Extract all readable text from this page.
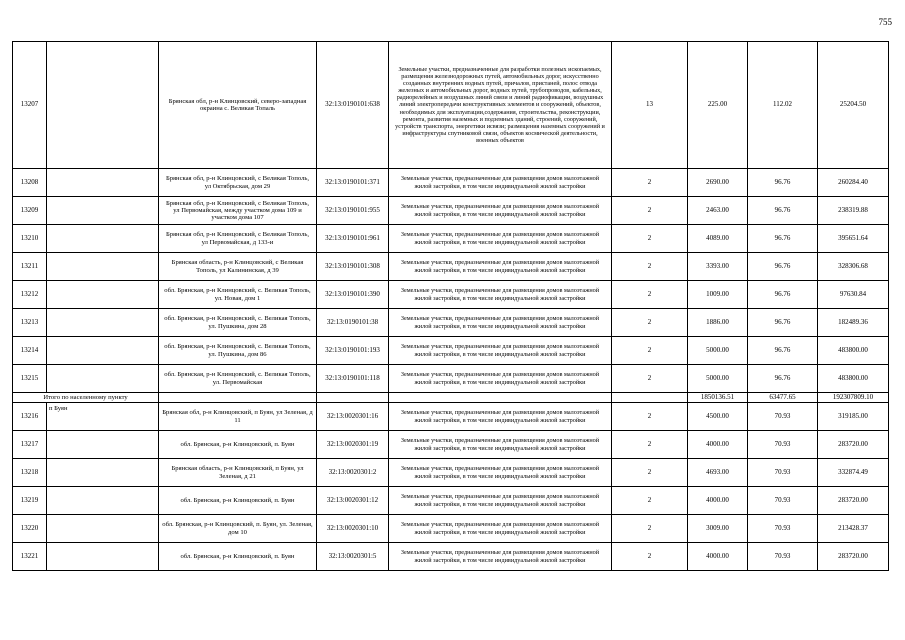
755
13207		Брянская обл, р-н Клинцовский, северо-западная окраина с. Великая Топаль	32:13:0190101:638	Земельные участки, предназначенные для разработки полезных ископаемых, размещения железнодорожных путей, автомобильных дорог, искусственно созданных внутренних водных путей, причалов, пристаней, полос отвода железных и автомобильных дорог, водных путей, трубопроводов, кабельных, радиорелейных и воздушных линий связи и линий радиофикации, воздушных линий электропередачи конструктивных элементов и сооружений, объектов, необходимых для эксплуатации,содержания, строительства, реконструкции, ремонта, развития наземных и подземных зданий, строений, сооружений, устройств транспорта, энергетики исвязи; размещения наземных сооружений и инфраструктуры спутниковой связи, объектов космической деятельности, военных объектов	13	225.00	112.02	25204.50
13208		Брянская обл, р-н Клинцовский, с Великая Тополь, ул Октябрьская, дом 29	32:13:0190101:371	Земельные участки, предназначенные для размещения домов малоэтажной жилой застройки, в том числе индивидуальной жилой застройки	2	2690.00	96.76	260284.40
13209		Брянская обл, р-н Клинцовский, с Великая Тополь, ул Первомайская, между участком дома 109 и участком дома 107	32:13:0190101:955	Земельные участки, предназначенные для размещения домов малоэтажной жилой застройки, в том числе индивидуальной жилой застройки	2	2463.00	96.76	238319.88
13210		Брянская обл, р-н Клинцовский, с Великая Тополь, ул Первомайская, д 133-и	32:13:0190101:961	Земельные участки, предназначенные для размещения домов малоэтажной жилой застройки, в том числе индивидуальной жилой застройки	2	4089.00	96.76	395651.64
13211		Брянская область, р-н Клинцовский, с Великая Тополь, ул Калининская, д 39	32:13:0190101:308	Земельные участки, предназначенные для размещения домов малоэтажной жилой застройки, в том числе индивидуальной жилой застройки	2	3393.00	96.76	328306.68
13212		обл. Брянская, р-н Клинцовский, с. Великая Тополь, ул. Новая, дом 1	32:13:0190101:390	Земельные участки, предназначенные для размещения домов малоэтажной жилой застройки, в том числе индивидуальной жилой застройки	2	1009.00	96.76	97630.84
13213		обл. Брянская, р-н Клинцовский, с. Великая Тополь, ул. Пушкина, дом 28	32:13:0190101:38	Земельные участки, предназначенные для размещения домов малоэтажной жилой застройки, в том числе индивидуальной жилой застройки	2	1886.00	96.76	182489.36
13214		обл. Брянская, р-н Клинцовский, с. Великая Тополь, ул. Пушкина, дом 86	32:13:0190101:193	Земельные участки, предназначенные для размещения домов малоэтажной жилой застройки, в том числе индивидуальной жилой застройки	2	5000.00	96.76	483800.00
13215		обл. Брянская, р-н Клинцовский, с. Великая Тополь, ул. Первомайская	32:13:0190101:118	Земельные участки, предназначенные для размещения домов малоэтажной жилой застройки, в том числе индивидуальной жилой застройки	2	5000.00	96.76	483800.00
Итого по населенному пункту						1850136.51	63477.65	192307809.10
13216	п Буян	Брянская обл, р-н Клинцовский, п Буян, ул Зеленая, д 11	32:13:0020301:16	Земельные участки, предназначенные для размещения домов малоэтажной жилой застройки, в том числе индивидуальной жилой застройки	2	4500.00	70.93	319185.00
13217		обл. Брянская, р-н Клинцовский, п. Буян	32:13:0020301:19	Земельные участки, предназначенные для размещения домов малоэтажной жилой застройки, в том числе индивидуальной жилой застройки	2	4000.00	70.93	283720.00
13218		Брянская область, р-н Клинцовский, п Буян, ул Зеленая, д 21	32:13:0020301:2	Земельные участки, предназначенные для размещения домов малоэтажной жилой застройки, в том числе индивидуальной жилой застройки	2	4693.00	70.93	332874.49
13219		обл. Брянская, р-н Клинцовский, п. Буян	32:13:0020301:12	Земельные участки, предназначенные для размещения домов малоэтажной жилой застройки, в том числе индивидуальной жилой застройки	2	4000.00	70.93	283720.00
13220		обл. Брянская, р-н Клинцовский, п. Буян, ул. Зеленая, дом 10	32:13:0020301:10	Земельные участки, предназначенные для размещения домов малоэтажной жилой застройки, в том числе индивидуальной жилой застройки	2	3009.00	70.93	213428.37
13221		обл. Брянская, р-н Клинцовский, п. Буян	32:13:0020301:5	Земельные участки, предназначенные для размещения домов малоэтажной жилой застройки, в том числе индивидуальной жилой застройки	2	4000.00	70.93	283720.00
